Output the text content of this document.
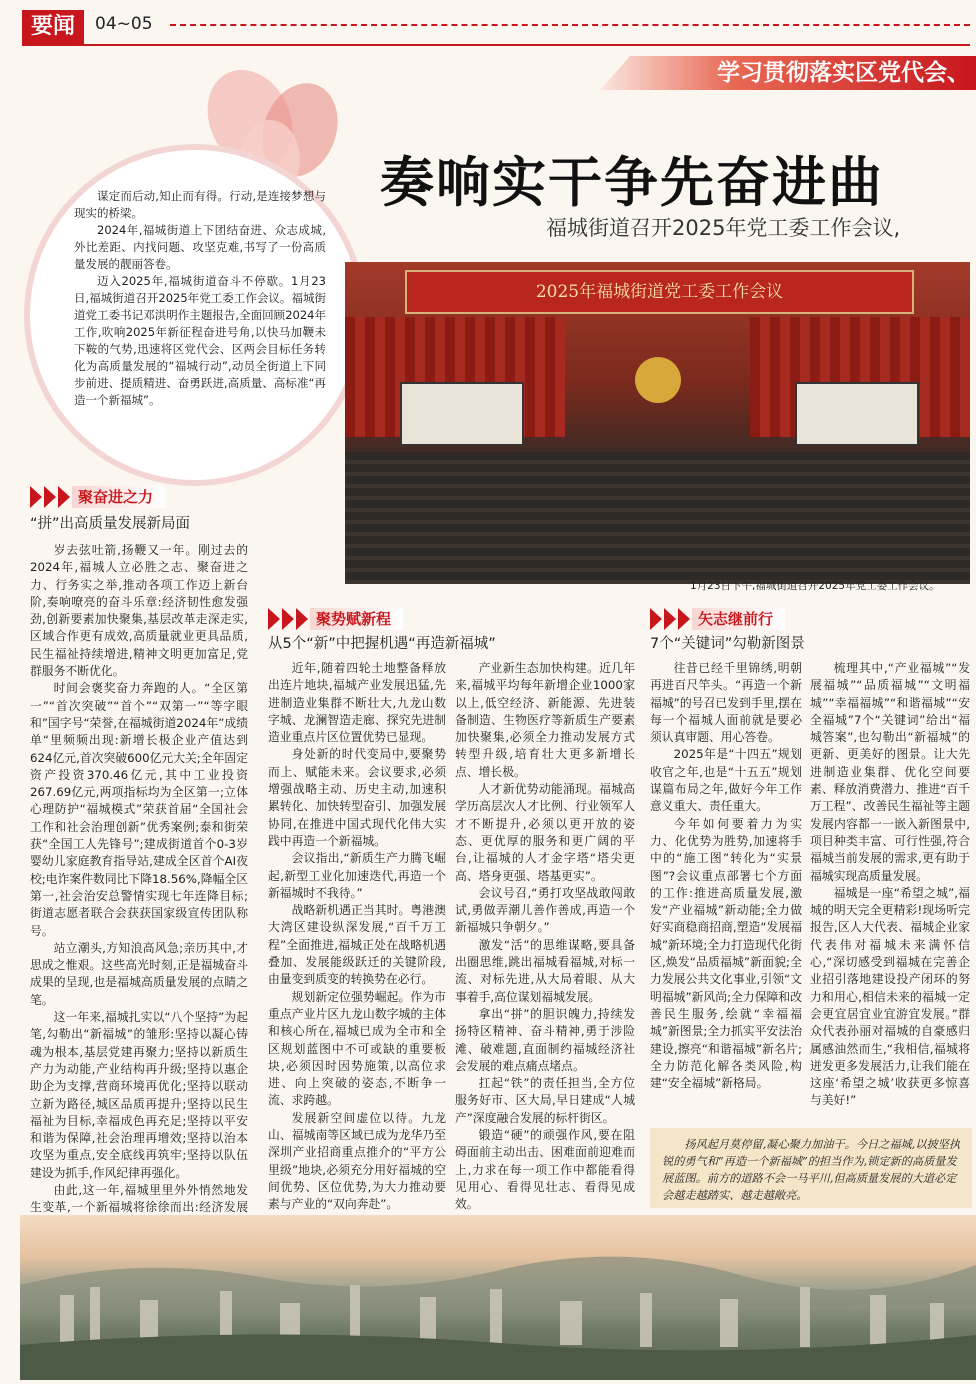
要闻	04~05
学习贯彻落实区党代会、
奏响实干争先奋进曲
福城街道召开2025年党工委工作会议,

谋定而后动,知止而有得。行动,是连接梦想与现实的桥梁。

2024年,福城街道上下团结奋进、众志成城,外比差距、内找问题、攻坚克难,书写了一份高质量发展的靓丽答卷。

迈入2025年,福城街道奋斗不停歇。1月23日,福城街道召开2025年党工委工作会议。福城街道党工委书记邓洪明作主题报告,全面回顾2024年工作,吹响2025年新征程奋进号角,以快马加鞭未下鞍的气势,迅速将区党代会、区两会目标任务转化为高质量发展的“福城行动”,动员全街道上下同步前进、提质精进、奋勇跃进,高质量、高标准“再造一个新福城”。

2025年福城街道党工委工作会议
1月23日下午,福城街道召开2025年党工委工作会议。
聚奋进之力
“拼”出高质量发展新局面

岁去弦吐箭,扬鞭又一年。刚过去的2024年,福城人立必胜之志、聚奋进之力、行务实之举,推动各项工作迈上新台阶,奏响嘹亮的奋斗乐章:经济韧性愈发强劲,创新要素加快聚集,基层改革走深走实,区域合作更有成效,高质量就业更具品质,民生福祉持续增进,精神文明更加富足,党群服务不断优化。

时间会褒奖奋力奔跑的人。“全区第一”“首次突破”“首个”“双第一”“等字眼和”国字号“荣誉,在福城街道2024年”成绩单“里频频出现:新增长极企业产值达到624亿元,首次突破600亿元大关;全年固定资产投资370.46亿元,其中工业投资267.69亿元,两项指标均为全区第一;立体心理防护“福城模式”荣获首届“全国社会工作和社会治理创新”优秀案例;泰和街荣获“全国工人先锋号”;建成街道首个0-3岁婴幼儿家庭教育指导站,建成全区首个AI夜校;电诈案件数同比下降18.56%,降幅全区第一,社会治安总警情实现七年连降目标;街道志愿者联合会获获国家级宣传团队称号。

站立潮头,方知浪高风急;亲历其中,才思成之惟艰。这些高光时刻,正是福城奋斗成果的呈现,也是福城高质量发展的点睛之笔。

这一年来,福城扎实以“八个坚持”为起笔,勾勒出“新福城”的雏形:坚持以凝心铸魂为根本,基层党建再聚力;坚持以新质生产力为动能,产业结构再升级;坚持以惠企助企为支撑,营商环境再优化;坚持以联动立新为路径,城区品质再提升;坚持以民生福祉为目标,幸福成色再充足;坚持以平安和谐为保障,社会治理再增效;坚持以治本攻坚为重点,安全底线再筑牢;坚持以队伍建设为抓手,作风纪律再强化。

由此,这一年,福城里里外外悄然地发生变革,一个新福城将徐徐而出:经济发展

聚势赋新程
从5个“新”中把握机遇“再造新福城”

近年,随着四轮土地整备释放出连片地块,福城产业发展迅猛,先进制造业集群不断壮大,九龙山数字城、龙澜智造走廊、探究先进制造业重点片区位置优势已显现。

身处新的时代变局中,要聚势而上、赋能未来。会议要求,必须增强战略主动、历史主动,加速积累转化、加快转型奋引、加强发展协同,在推进中国式现代化伟大实践中再造一个新福城。

会议指出,“新质生产力腾飞崛起,新型工业化加速迭代,再造一个新福城时不我待。”

战略新机遇正当其时。粤港澳大湾区建设纵深发展,“百千万工程”全面推进,福城正处在战略机遇叠加、发展能级跃迁的关键阶段,由量变到质变的转换势在必行。

规划新定位强势崛起。作为市重点产业片区九龙山数字城的主体和核心所在,福城已成为全市和全区规划蓝图中不可或缺的重要板块,必须因时因势施策,以高位求进、向上突破的姿态,不断争一流、求跨越。

发展新空间虚位以待。九龙山、福城南等区域已成为龙华乃至深圳产业招商重点推介的“平方公里级”地块,必须充分用好福城的空间优势、区位优势,为大力推动要素与产业的“双向奔赴”。

产业新生态加快构建。近几年来,福城平均每年新增企业1000家以上,低空经济、新能源、先进装备制造、生物医疗等新质生产要素加快聚集,必须全力推动发展方式转型升级,培育壮大更多新增长点、增长极。

人才新优势动能涌现。福城高学历高层次人才比例、行业领军人才不断提升,必须以更开放的姿态、更优厚的服务和更广阔的平台,让福城的人才金字塔“塔尖更高、塔身更强、塔基更实”。

会议号召,“勇打攻坚战敢闯敢试,勇做弄潮儿善作善成,再造一个新福城只争朝夕。”

激发“活”的思维谋略,要具备出圈思维,跳出福城看福城,对标一流、对标先进,从大局着眼、从大事着手,高位谋划福城发展。

拿出“拼”的胆识魄力,持续发扬特区精神、奋斗精神,勇于涉险滩、破难题,直面制约福城经济社会发展的难点痛点堵点。

扛起“铁”的责任担当,全方位服务好市、区大局,早日建成“人城产”深度融合发展的标杆街区。

锻造“硬”的顽强作风,要在阻碍面前主动出击、困难面前迎难而上,力求在每一项工作中都能看得见用心、看得见壮志、看得见成效。

矢志继前行
7个“关键词”勾勒新图景

往昔已经千里锦绣,明朝再进百尺竿头。“再造一个新福城”的号召已发到手里,摆在每一个福城人面前就是要必须认真审题、用心答卷。

2025年是“十四五”规划收官之年,也是“十五五”规划谋篇布局之年,做好今年工作意义重大、责任重大。

今年如何要着力为实力、化优势为胜势,加速将手中的“施工图”转化为“实景图”?会议重点部署七个方面的工作:推进高质量发展,激发“产业福城”新动能;全力做好实商稳商招商,塑造“发展福城”新环境;全力打造现代化街区,焕发“品质福城”新面貌;全力发展公共文化事业,引领“文明福城”新风尚;全力保障和改善民生服务,绘就“幸福福城”新图景;全力抓实平安法治建设,擦亮“和谐福城”新名片;全力防范化解各类风险,构建“安全福城”新格局。

梳理其中,“产业福城”“发展福城”“品质福城”“文明福城”“幸福福城”“和谐福城”“安全福城”7个“关键词”给出“福城答案”,也勾勒出“新福城”的更新、更美好的图景。让大先进制造业集群、优化空间要素、释放消费潜力、推进“百千万工程”、改善民生福祉等主题发展内容都一一嵌入新图景中,项目种类丰富、可行性强,符合福城当前发展的需求,更有助于福城实现高质量发展。

福城是一座“希望之城”,福城的明天完全更精彩!现场听完报告,区人大代表、福城企业家代表伟对福城未来满怀信心,“深切感受到福城在完善企业招引落地建设投产闭环的努力和用心,相信未来的福城一定会更宜居宜业宜游宜发展。”群众代表孙丽对福城的自豪感归属感油然而生,“我相信,福城将迸发更多发展活力,让我们能在这座‘希望之城’收获更多惊喜与美好!”

扬风起月莫停留,凝心聚力加油干。今日之福城,以披坚执锐的勇气和“再造一个新福城”的担当作为,锁定新的高质量发展蓝图。前方的道路不会一马平川,但高质量发展的大道必定会越走越踏实、越走越敞亮。
